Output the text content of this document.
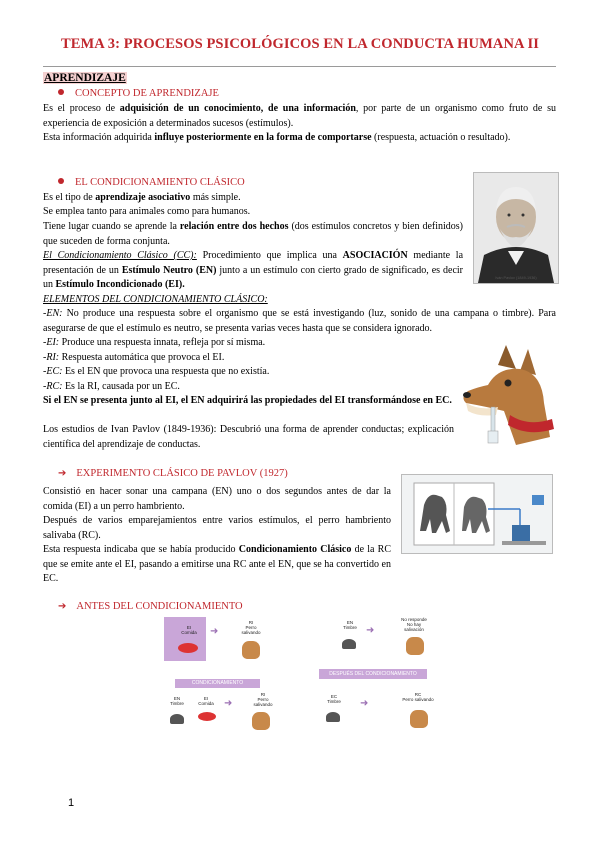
TEMA 3: PROCESOS PSICOLÓGICOS EN LA CONDUCTA HUMANA II
APRENDIZAJE
CONCEPTO DE APRENDIZAJE
Es el proceso de adquisición de un conocimiento, de una información, por parte de un organismo como fruto de su experiencia de exposición a determinados sucesos (estímulos).
Esta información adquirida influye posteriormente en la forma de comportarse (respuesta, actuación o resultado).
EL CONDICIONAMIENTO CLÁSICO
Es el tipo de aprendizaje asociativo más simple.
Se emplea tanto para animales como para humanos.
Tiene lugar cuando se aprende la relación entre dos hechos (dos estímulos concretos y bien definidos) que suceden de forma conjunta.
El Condicionamiento Clásico (CC): Procedimiento que implica una ASOCIACIÓN mediante la presentación de un Estímulo Neutro (EN) junto a un estímulo con cierto grado de significado, es decir un Estímulo Incondicionado (EI).
ELEMENTOS DEL CONDICIONAMIENTO CLÁSICO:
-EN: No produce una respuesta sobre el organismo que se está investigando (luz, sonido de una campana o timbre). Para asegurarse de que el estímulo es neutro, se presenta varias veces hasta que se considera ignorado.
-EI: Produce una respuesta innata, refleja por sí misma.
-RI: Respuesta automática que provoca el EI.
-EC: Es el EN que provoca una respuesta que no existía.
-RC: Es la RI, causada por un EC.
Si el EN se presenta junto al EI, el EN adquirirá las propiedades del EI transformándose en EC.
Los estudios de Ivan Pavlov (1849-1936): Descubrió una forma de aprender conductas; explicación científica del aprendizaje de conductas.
Iván Pavlov (1849-1936)
➔ EXPERIMENTO CLÁSICO DE PAVLOV (1927)
Consistió en hacer sonar una campana (EN) uno o dos segundos antes de dar la comida (EI) a un perro hambriento.
Después de varios emparejamientos entre varios estímulos, el perro hambriento salivaba (RC).
Esta respuesta indicaba que se había producido Condicionamiento Clásico de la RC que se emite ante el EI, pasando a emitirse una RC ante el EN, que se ha convertido en EC.
➔ ANTES DEL CONDICIONAMIENTO
EI
Comida	➜
RI
Perro
salivando
EN
Timbre ➜
No responde
No hay
salivación
CONDICIONAMIENTO
EN
Timbre
EI
Comida	➜
RI
Perro
salivando
DESPUÉS DEL CONDICIONAMIENTO
EC
Timbre	➜
RC
Perro salivando
1
